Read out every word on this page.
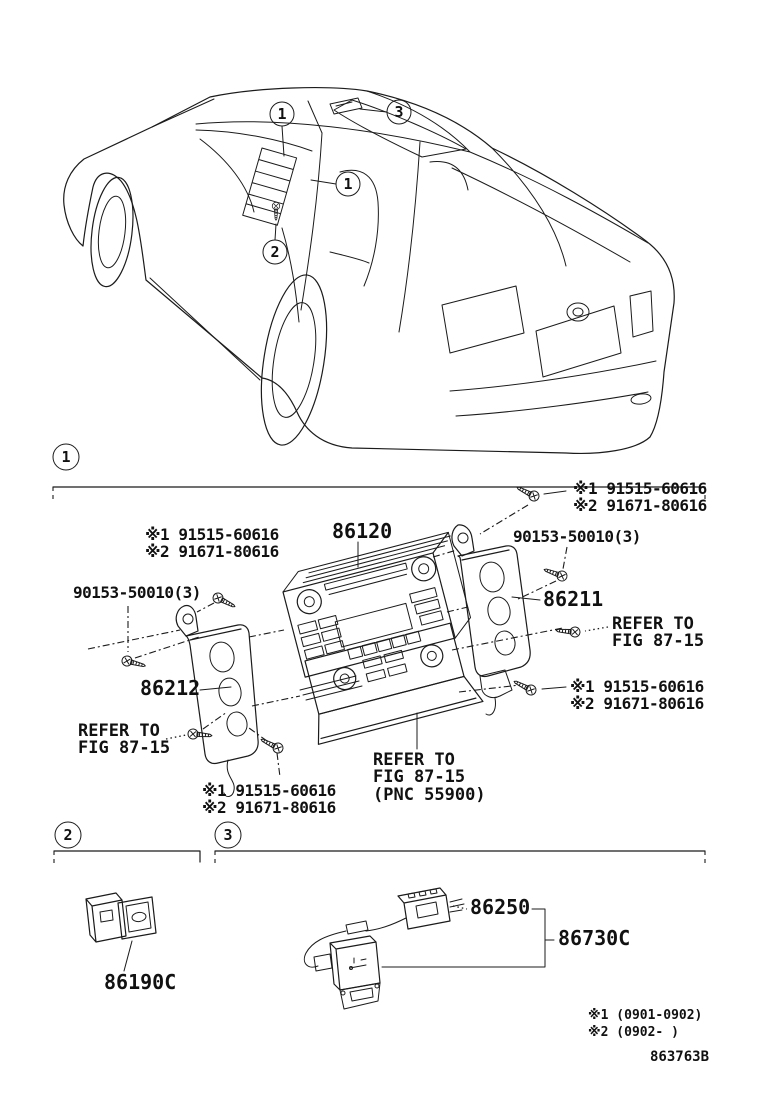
1
1
2
3
1
86120	90153-50010(3)
86211
86212
90153-50010(3)
※1 91515-60616
※2 91671-80616
※1 91515-60616
※2 91671-80616
※1 91515-60616
※2 91671-80616
※1 91515-60616
※2 91671-80616
REFER TO
FIG 87-15
REFER TO
FIG 87-15
REFER TO
FIG 87-15
(PNC 55900)
2
86190C
3
86250
86730C
※1 (0901-0902)
※2 (0902- )
863763B
